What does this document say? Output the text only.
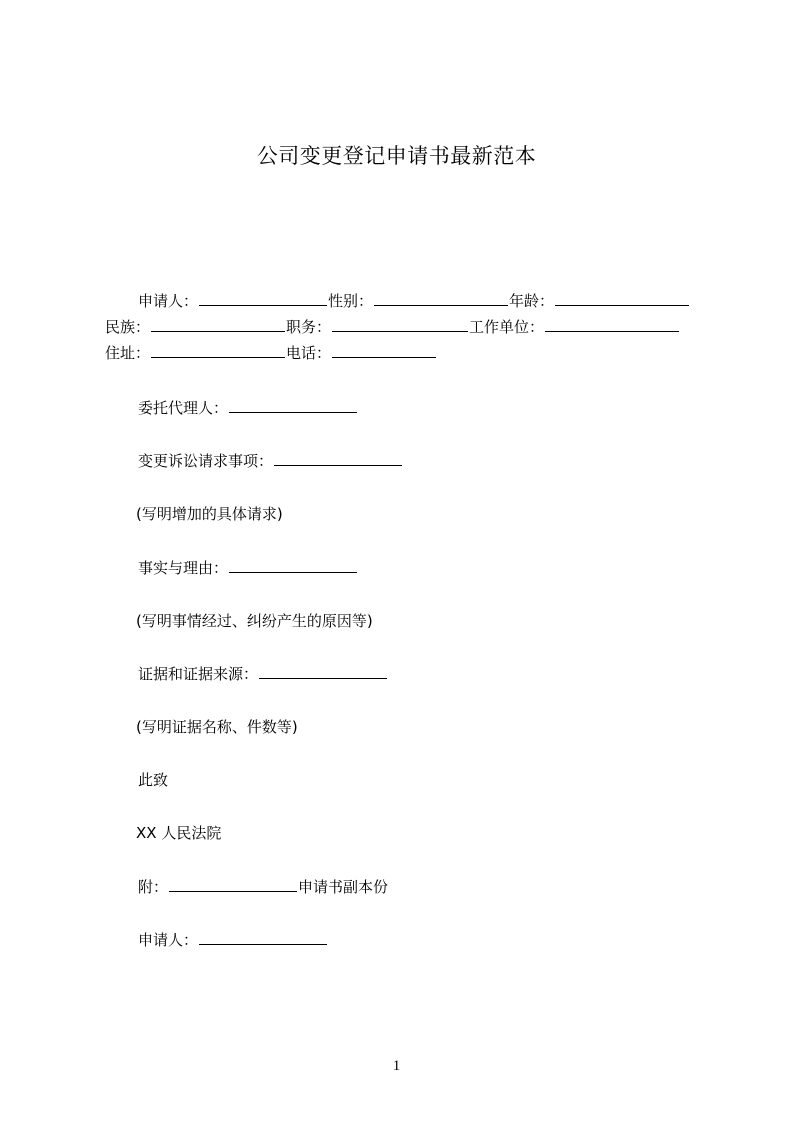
公司变更登记申请书最新范本
申请人：	性别：	年龄：
民族：	职务：	工作单位：
住址：	电话：
委托代理人：
变更诉讼请求事项：
(写明增加的具体请求)
事实与理由：
(写明事情经过、纠纷产生的原因等)
证据和证据来源：
(写明证据名称、件数等)
此致
XX 人民法院
附：	申请书副本份
申请人：
1
